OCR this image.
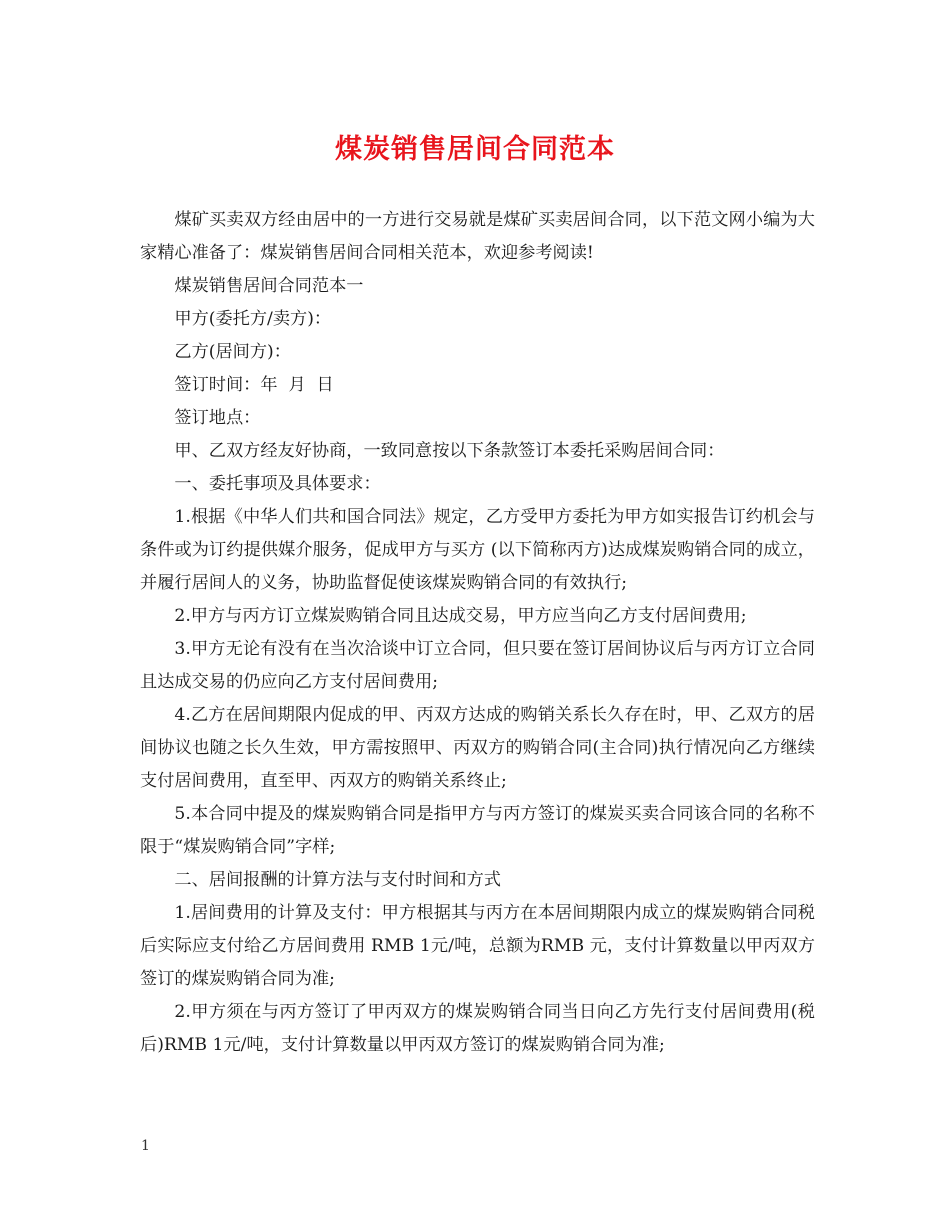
煤炭销售居间合同范本

煤矿买卖双方经由居中的一方进行交易就是煤矿买卖居间合同，以下范文网小编为大家精心准备了：煤炭销售居间合同相关范本，欢迎参考阅读!

煤炭销售居间合同范本一

甲方(委托方/卖方)：

乙方(居间方)：

签订时间：年  月  日

签订地点：

甲、乙双方经友好协商，一致同意按以下条款签订本委托采购居间合同：

一、委托事项及具体要求：

1.根据《中华人们共和国合同法》规定，乙方受甲方委托为甲方如实报告订约机会与条件或为订约提供媒介服务，促成甲方与买方 (以下简称丙方)达成煤炭购销合同的成立，并履行居间人的义务，协助监督促使该煤炭购销合同的有效执行;

2.甲方与丙方订立煤炭购销合同且达成交易，甲方应当向乙方支付居间费用;

3.甲方无论有没有在当次洽谈中订立合同，但只要在签订居间协议后与丙方订立合同且达成交易的仍应向乙方支付居间费用;

4.乙方在居间期限内促成的甲、丙双方达成的购销关系长久存在时，甲、乙双方的居间协议也随之长久生效，甲方需按照甲、丙双方的购销合同(主合同)执行情况向乙方继续支付居间费用，直至甲、丙双方的购销关系终止;

5.本合同中提及的煤炭购销合同是指甲方与丙方签订的煤炭买卖合同该合同的名称不限于“煤炭购销合同”字样;

二、居间报酬的计算方法与支付时间和方式

1.居间费用的计算及支付：甲方根据其与丙方在本居间期限内成立的煤炭购销合同税后实际应支付给乙方居间费用 RMB 1元/吨，总额为RMB 元，支付计算数量以甲丙双方签订的煤炭购销合同为准;

2.甲方须在与丙方签订了甲丙双方的煤炭购销合同当日向乙方先行支付居间费用(税后)RMB 1元/吨，支付计算数量以甲丙双方签订的煤炭购销合同为准;

1
